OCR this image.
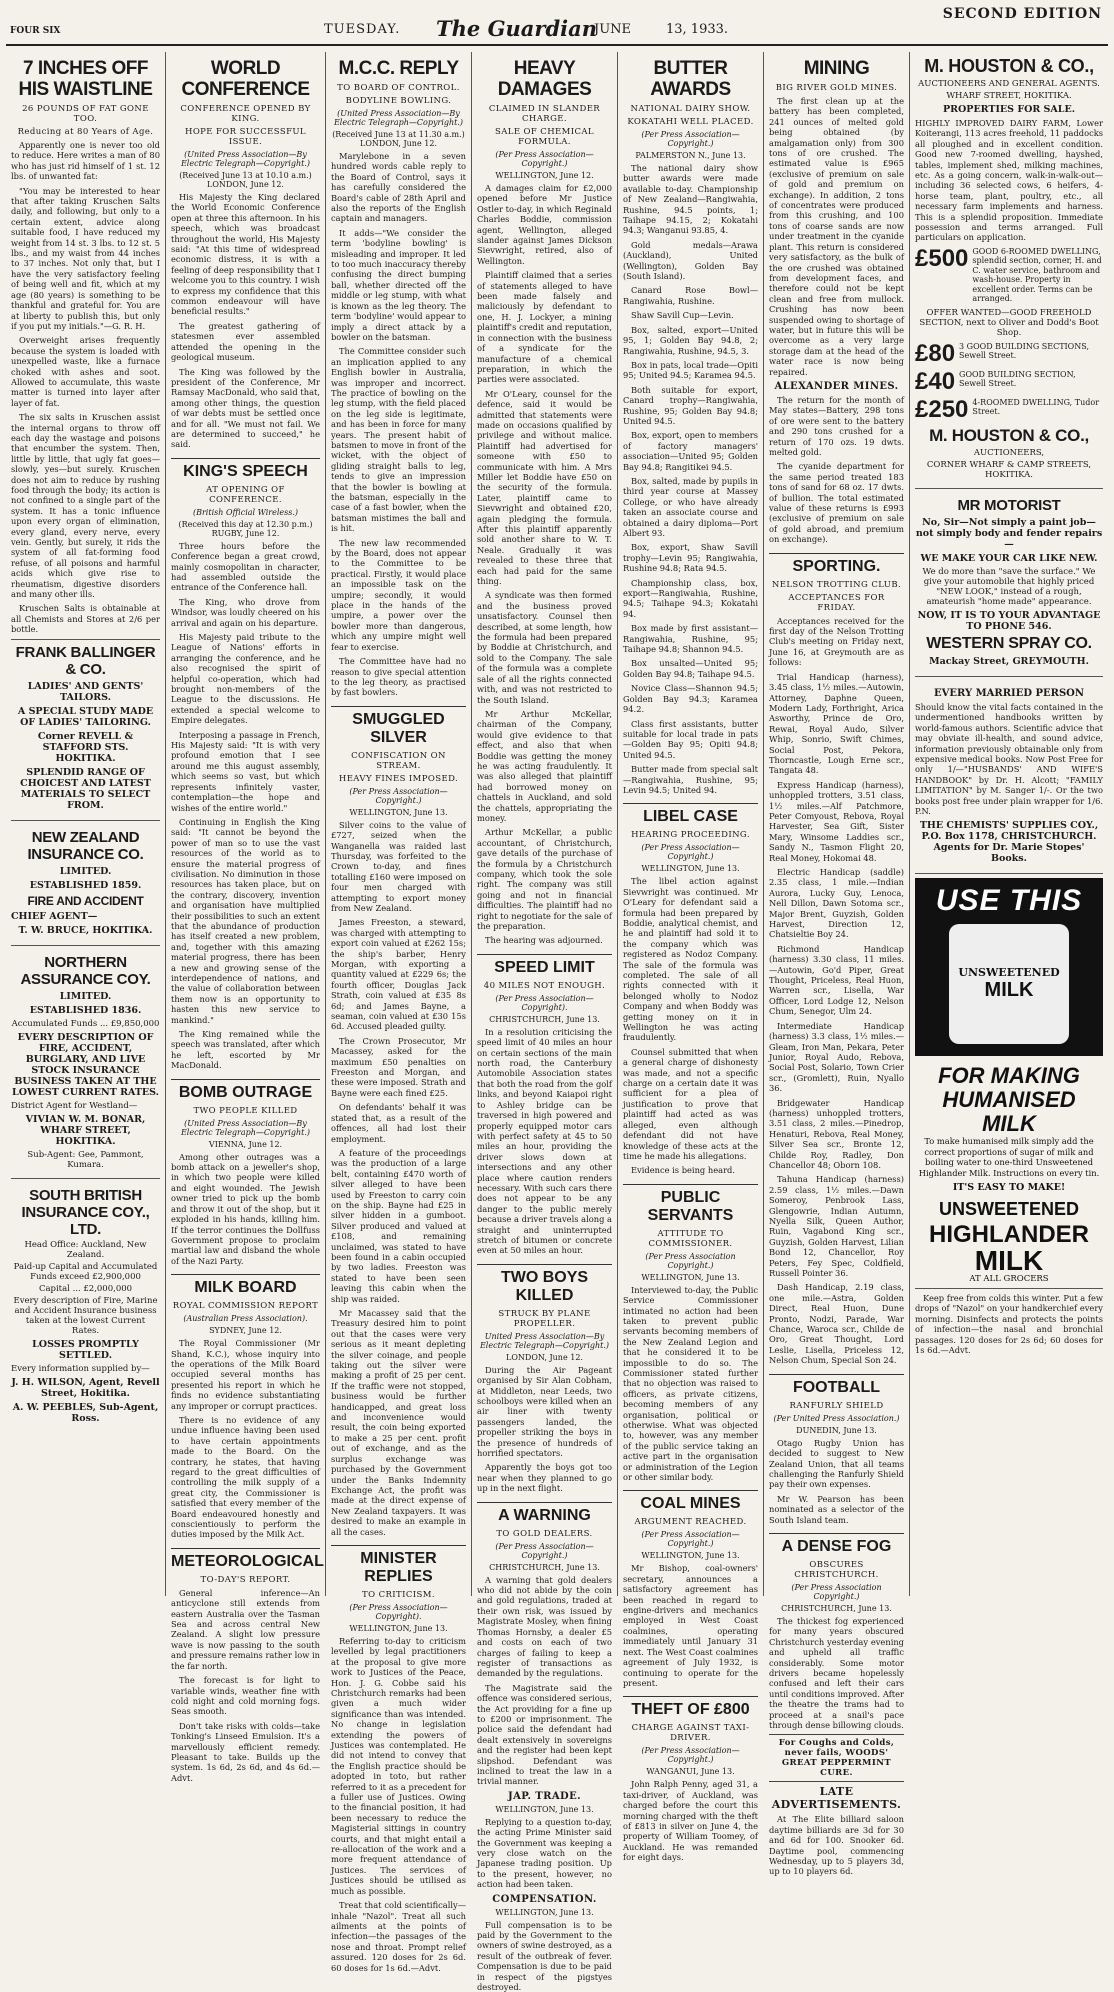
FOUR SIX	TUESDAY. The Guardian
JUNE	13, 1933.
SECOND EDITION
7 INCHES OFF HIS WAISTLINE
26 POUNDS OF FAT GONE TOO.
Reducing at 80 Years of Age.

Apparently one is never too old to reduce. Here writes a man of 80 who has just rid himself of 1 st. 12 lbs. of unwanted fat:

"You may be interested to hear that after taking Kruschen Salts daily, and following, but only to a certain extent, advice along suitable food, I have reduced my weight from 14 st. 3 lbs. to 12 st. 5 lbs., and my waist from 44 inches to 37 inches. Not only that, but I have the very satisfactory feeling of being well and fit, which at my age (80 years) is something to be thankful and grateful for. You are at liberty to publish this, but only if you put my initials."—G. R. H.

Overweight arises frequently because the system is loaded with unexpelled waste, like a furnace choked with ashes and soot. Allowed to accumulate, this waste matter is turned into layer after layer of fat.

The six salts in Kruschen assist the internal organs to throw off each day the wastage and poisons that encumber the system. Then, little by little, that ugly fat goes—slowly, yes—but surely. Kruschen does not aim to reduce by rushing food through the body; its action is not confined to a single part of the system. It has a tonic influence upon every organ of elimination, every gland, every nerve, every vein. Gently, but surely, it rids the system of all fat-forming food refuse, of all poisons and harmful acids which give rise to rheumatism, digestive disorders and many other ills.

Kruschen Salts is obtainable at all Chemists and Stores at 2/6 per bottle.

FRANK BALLINGER & CO.
LADIES' AND GENTS' TAILORS.
A SPECIAL STUDY MADE OF LADIES' TAILORING.
Corner REVELL & STAFFORD STS. HOKITIKA.
SPLENDID RANGE OF CHOICEST AND LATEST MATERIALS TO SELECT FROM.
NEW ZEALAND INSURANCE CO.
LIMITED.
ESTABLISHED 1859.
FIRE AND ACCIDENT
CHIEF AGENT—
T. W. BRUCE, HOKITIKA.
NORTHERN ASSURANCE COY.
LIMITED.
ESTABLISHED 1836.
Accumulated Funds ... £9,850,000
EVERY DESCRIPTION OF FIRE, ACCIDENT, BURGLARY, AND LIVE STOCK INSURANCE BUSINESS TAKEN AT THE LOWEST CURRENT RATES.
District Agent for Westland—
VIVIAN W. M. BONAR, WHARF STREET, HOKITIKA.
Sub-Agent: Gee, Pammont, Kumara.
SOUTH BRITISH INSURANCE COY., LTD.
Head Office: Auckland, New Zealand.
Paid-up Capital and Accumulated Funds exceed £2,900,000
Capital ... £2,000,000
Every description of Fire, Marine and Accident Insurance business taken at the lowest Current Rates.
LOSSES PROMPTLY SETTLED.
Every information supplied by—
J. H. WILSON, Agent, Revell Street, Hokitika.
A. W. PEEBLES, Sub-Agent, Ross.
WORLD CONFERENCE
CONFERENCE OPENED BY KING.
HOPE FOR SUCCESSFUL ISSUE.
(United Press Association—By Electric Telegraph—Copyright.)
(Received June 13 at 10.10 a.m.) LONDON, June 12.

His Majesty the King declared the World Economic Conference open at three this afternoon. In his speech, which was broadcast throughout the world, His Majesty said: "At this time of widespread economic distress, it is with a feeling of deep responsibility that I welcome you to this country. I wish to express my confidence that this common endeavour will have beneficial results."

The greatest gathering of statesmen ever assembled attended the opening in the geological museum.

The King was followed by the president of the Conference, Mr Ramsay MacDonald, who said that, among other things, the question of war debts must be settled once and for all. "We must not fail. We are determined to succeed," he said.

KING'S SPEECH
AT OPENING OF CONFERENCE.
(British Official Wireless.)
(Received this day at 12.30 p.m.) RUGBY, June 12.

Three hours before the Conference began a great crowd, mainly cosmopolitan in character, had assembled outside the entrance of the Conference hall.

The King, who drove from Windsor, was loudly cheered on his arrival and again on his departure.

His Majesty paid tribute to the League of Nations' efforts in arranging the conference, and he also recognised the spirit of helpful co-operation, which had brought non-members of the League to the discussions. He extended a special welcome to Empire delegates.

Interposing a passage in French, His Majesty said: "It is with very profound emotion that I see around me this august assembly, which seems so vast, but which represents infinitely vaster, contemplation—the hope and wishes of the entire world."

Continuing in English the King said: "It cannot be beyond the power of man so to use the vast resources of the world as to ensure the material progress of civilisation. No diminution in those resources has taken place, but on the contrary, discovery, invention and organisation have multiplied their possibilities to such an extent that the abundance of production has itself created a new problem, and, together with this amazing material progress, there has been a new and growing sense of the interdependence of nations, and the value of collaboration between them now is an opportunity to hasten this new service to mankind."

The King remained while the speech was translated, after which he left, escorted by Mr MacDonald.

BOMB OUTRAGE
TWO PEOPLE KILLED
(United Press Association—By Electric Telegraph—Copyright.)
VIENNA, June 12.

Among other outrages was a bomb attack on a jeweller's shop, in which two people were killed and eight wounded. The Jewish owner tried to pick up the bomb and throw it out of the shop, but it exploded in his hands, killing him. If the terror continues the Dollfuss Government propose to proclaim martial law and disband the whole of the Nazi Party.

MILK BOARD
ROYAL COMMISSION REPORT
(Australian Press Association).
SYDNEY, June 12.

The Royal Commissioner (Mr Shand, K.C.), whose inquiry into the operations of the Milk Board occupied several months has presented his report in which he finds no evidence substantiating any improper or corrupt practices.

There is no evidence of any undue influence having been used to have certain appointments made to the Board. On the contrary, he states, that having regard to the great difficulties of controlling the milk supply of a great city, the Commissioner is satisfied that every member of the Board endeavoured honestly and conscientiously to perform the duties imposed by the Milk Act.

METEOROLOGICAL
TO-DAY'S REPORT.

General inference—An anticyclone still extends from eastern Australia over the Tasman Sea and across central New Zealand. A slight low pressure wave is now passing to the south and pressure remains rather low in the far north.

The forecast is for light to variable winds, weather fine with cold night and cold morning fogs. Seas smooth.

Don't take risks with colds—take Tonking's Linseed Emulsion. It's a marvellously efficient remedy. Pleasant to take. Builds up the system. 1s 6d, 2s 6d, and 4s 6d.—Advt.

M.C.C. REPLY
TO BOARD OF CONTROL.
BODYLINE BOWLING.
(United Press Association—By Electric Telegraph—Copyright.)
(Received June 13 at 11.30 a.m.) LONDON, June 12.

Marylebone in a seven hundred words cable reply to the Board of Control, says it has carefully considered the Board's cable of 28th April and also the reports of the English captain and managers.

It adds—"We consider the term 'bodyline bowling' is misleading and improper. It led to too much inaccuracy thereby confusing the direct bumping ball, whether directed off the middle or leg stump, with what is known as the leg theory. The term 'bodyline' would appear to imply a direct attack by a bowler on the batsman.

The Committee consider such an implication applied to any English bowler in Australia, was improper and incorrect. The practice of bowling on the leg stump, with the field placed on the leg side is legitimate, and has been in force for many years. The present habit of batsmen to move in front of the wicket, with the object of gliding straight balls to leg, tends to give an impression that the bowler is bowling at the batsman, especially in the case of a fast bowler, when the batsman mistimes the ball and is hit.

The new law recommended by the Board, does not appear to the Committee to be practical. Firstly, it would place an impossible task on the umpire; secondly, it would place in the hands of the umpire, a power over the bowler more than dangerous, which any umpire might well fear to exercise.

The Committee have had no reason to give special attention to the leg theory, as practised by fast bowlers.

SMUGGLED SILVER
CONFISCATION ON STREAM.
HEAVY FINES IMPOSED.
(Per Press Association—Copyright.)
WELLINGTON, June 13.

Silver coins to the value of £727, seized when the Wanganella was raided last Thursday, was forfeited to the Crown to-day, and fines totalling £160 were imposed on four men charged with attempting to export money from New Zealand.

James Freeston, a steward, was charged with attempting to export coin valued at £262 15s; the ship's barber, Henry Morgan, with exporting a quantity valued at £229 6s; the fourth officer, Douglas Jack Strath, coin valued at £35 8s 6d; and James Bayne, a seaman, coin valued at £30 15s 6d. Accused pleaded guilty.

The Crown Prosecutor, Mr Macassey, asked for the maximum £50 penalties on Freeston and Morgan, and these were imposed. Strath and Bayne were each fined £25.

On defendants' behalf it was stated that, as a result of the offences, all had lost their employment.

A feature of the proceedings was the production of a large belt, containing £470 worth of silver alleged to have been used by Freeston to carry coin on the ship. Bayne had £25 in silver hidden in a gumboot. Silver produced and valued at £108, and remaining unclaimed, was stated to have been found in a cabin occupied by two ladies. Freeston was stated to have been seen leaving this cabin when the ship was raided.

Mr Macassey said that the Treasury desired him to point out that the cases were very serious as it meant depleting the silver coinage, and people taking out the silver were making a profit of 25 per cent. If the traffic were not stopped, business would be further handicapped, and great loss and inconvenience would result, the coin being exported to make a 25 per cent. profit out of exchange, and as the surplus exchange was purchased by the Government under the Banks Indemnity Exchange Act, the profit was made at the direct expense of New Zealand taxpayers. It was desired to make an example in all the cases.

MINISTER REPLIES
TO CRITICISM.
(Per Press Association—Copyright).
WELLINGTON, June 13.

Referring to-day to criticism levelled by legal practitioners at the proposal to give more work to Justices of the Peace, Hon. J. G. Cobbe said his Christchurch remarks had been given a much wider significance than was intended. No change in legislation extending the powers of Justices was contemplated. He did not intend to convey that the English practice should be adopted in toto, but rather referred to it as a precedent for a fuller use of Justices. Owing to the financial position, it had been necessary to reduce the Magisterial sittings in country courts, and that might entail a re-allocation of the work and a more frequent attendance of Justices. The services of Justices should be utilised as much as possible.

Treat that cold scientifically—inhale "Nazol". Treat all such ailments at the points of infection—the passages of the nose and throat. Prompt relief assured. 120 doses for 2s 6d. 60 doses for 1s 6d.—Advt.

HEAVY DAMAGES
CLAIMED IN SLANDER CHARGE.
SALE OF CHEMICAL FORMULA.
(Per Press Association—Copyright.)
WELLINGTON, June 12.

A damages claim for £2,000 opened before Mr Justice Ostler to-day, in which Reginald Charles Boddie, commission agent, Wellington, alleged slander against James Dickson Sievwright, retired, also of Wellington.

Plaintiff claimed that a series of statements alleged to have been made falsely and maliciously by defendant to one, H. J. Lockyer, a mining plaintiff's credit and reputation, in connection with the business of a syndicate for the manufacture of a chemical preparation, in which the parties were associated.

Mr O'Leary, counsel for the defence, said it would be admitted that statements were made on occasions qualified by privilege and without malice. Plaintiff had advertised for someone with £50 to communicate with him. A Mrs Miller let Boddie have £50 on the security of the formula. Later, plaintiff came to Sievwright and obtained £20, again pledging the formula. After this plaintiff apparently sold another share to W. T. Neale. Gradually it was revealed to these three that each had paid for the same thing.

A syndicate was then formed and the business proved unsatisfactory. Counsel then described, at some length, how the formula had been prepared by Boddie at Christchurch, and sold to the Company. The sale of the formula was a complete sale of all the rights connected with, and was not restricted to the South Island.

Mr Arthur McKellar, chairman of the Company, would give evidence to that effect, and also that when Boddie was getting the money he was acting fraudulently. It was also alleged that plaintiff had borrowed money on chattels in Auckland, and sold the chattels, appropriating the money.

Arthur McKellar, a public accountant, of Christchurch, gave details of the purchase of the formula by a Christchurch company, which took the sole right. The company was still going and not in financial difficulties. The plaintiff had no right to negotiate for the sale of the preparation.

The hearing was adjourned.

SPEED LIMIT
40 MILES NOT ENOUGH.
(Per Press Association—Copyright).
CHRISTCHURCH, June 13.

In a resolution criticising the speed limit of 40 miles an hour on certain sections of the main north road, the Canterbury Automobile Association states that both the road from the golf links, and beyond Kaiapoi right to Ashley bridge can be traversed in high powered and properly equipped motor cars with perfect safety at 45 to 50 miles an hour, providing the driver slows down at intersections and any other place where caution renders necessary. With such cars there does not appear to be any danger to the public merely because a driver travels along a straight and uninterrupted stretch of bitumen or concrete even at 50 miles an hour.

TWO BOYS KILLED
STRUCK BY PLANE PROPELLER.
United Press Association—By Electric Telegraph—Copyright.)
LONDON, June 12.

During the Air Pageant organised by Sir Alan Cobham, at Middleton, near Leeds, two schoolboys were killed when an air liner with twenty passengers landed, the propeller striking the boys in the presence of hundreds of horrified spectators.

Apparently the boys got too near when they planned to go up in the next flight.

A WARNING
TO GOLD DEALERS.
(Per Press Association—Copyright.)
CHRISTCHURCH, June 13.

A warning that gold dealers who did not abide by the coin and gold regulations, traded at their own risk, was issued by Magistrate Mosley, when fining Thomas Hornsby, a dealer £5 and costs on each of two charges of failing to keep a register of transactions as demanded by the regulations.

The Magistrate said the offence was considered serious, the Act providing for a fine up to £200 or imprisonment. The police said the defendant had dealt extensively in sovereigns and the register had been kept slipshod. Defendant was inclined to treat the law in a trivial manner.

JAP. TRADE.
WELLINGTON, June 13.

Replying to a question to-day, the acting Prime Minister said the Government was keeping a very close watch on the Japanese trading position. Up to the present, however, no action had been taken.

COMPENSATION.
WELLINGTON, June 13.

Full compensation is to be paid by the Government to the owners of swine destroyed, as a result of the outbreak of fever. Compensation is due to be paid in respect of the pigstyes destroyed.

BUTTER AWARDS
NATIONAL DAIRY SHOW.
KOKATAHI WELL PLACED.
(Per Press Association—Copyright.)
PALMERSTON N., June 13.

The national dairy show butter awards were made available to-day. Championship of New Zealand—Rangiwahia, Rushine, 94.5 points, 1; Taihape 94.15, 2; Kokatahi 94.3; Wanganui 93.85, 4.

Gold medals—Arawa (Auckland), United (Wellington), Golden Bay (South Island).

Canard Rose Bowl—Rangiwahia, Rushine.

Shaw Savill Cup—Levin.

Box, salted, export—United 95, 1; Golden Bay 94.8, 2; Rangiwahia, Rushine, 94.5, 3.

Box in pats, local trade—Opiti 95; United 94.5; Karamea 94.5.

Both suitable for export, Canard trophy—Rangiwahia, Rushine, 95; Golden Bay 94.8; United 94.5.

Box, export, open to members of factory managers' association—United 95; Golden Bay 94.8; Rangitikei 94.5.

Box, salted, made by pupils in third year course at Massey College, or who have already taken an associate course and obtained a dairy diploma—Port Albert 93.

Box, export, Shaw Savill trophy—Levin 95; Rangiwahia, Rushine 94.8; Rata 94.5.

Championship class, box, export—Rangiwahia, Rushine, 94.5; Taihape 94.3; Kokatahi 94.

Box made by first assistant—Rangiwahia, Rushine, 95; Taihape 94.8; Shannon 94.5.

Box unsalted—United 95; Golden Bay 94.8; Taihape 94.5.

Novice Class—Shannon 94.5; Golden Bay 94.3; Karamea 94.2.

Class first assistants, butter suitable for local trade in pats—Golden Bay 95; Opiti 94.8; United 94.5.

Butter made from special salt—Rangiwahia, Rushine, 95; Levin 94.5; United 94.

LIBEL CASE
HEARING PROCEEDING.
(Per Press Association—Copyright.)
WELLINGTON, June 13.

The libel action against Sievwright was continued. Mr O'Leary for defendant said a formula had been prepared by Boddie, analytical chemist, and he and plaintiff had sold it to the company which was registered as Nodoz Company. The sale of the formula was completed. The sale of all rights connected with it belonged wholly to Nodoz Company and when Boddy was getting money on it in Wellington he was acting fraudulently.

Counsel submitted that when a general charge of dishonesty was made, and not a specific charge on a certain date it was sufficient for a plea of justification to prove that plaintiff had acted as was alleged, even although defendant did not have knowledge of these acts at the time he made his allegations.

Evidence is being heard.

PUBLIC SERVANTS
ATTITUDE TO COMMISSIONER.
(Per Press Association Copyright.)
WELLINGTON, June 13.

Interviewed to-day, the Public Service Commissioner intimated no action had been taken to prevent public servants becoming members of the New Zealand Legion and that he considered it to be impossible to do so. The Commissioner stated further that no objection was raised to officers, as private citizens, becoming members of any organisation, political or otherwise. What was objected to, however, was any member of the public service taking an active part in the organisation or administration of the Legion or other similar body.

COAL MINES
ARGUMENT REACHED.
(Per Press Association—Copyright.)
WELLINGTON, June 13.

Mr Bishop, coal-owners' secretary, announces a satisfactory agreement has been reached in regard to engine-drivers and mechanics employed in West Coast coalmines, operating immediately until January 31 next. The West Coast coalmines agreement of July 1932, is continuing to operate for the present.

THEFT OF £800
CHARGE AGAINST TAXI-DRIVER.
(Per Press Association—Copyright.)
WANGANUI, June 13.

John Ralph Penny, aged 31, a taxi-driver, of Auckland, was charged before the court this morning charged with the theft of £813 in silver on June 4, the property of William Toomey, of Auckland. He was remanded for eight days.

MINING
BIG RIVER GOLD MINES.

The first clean up at the battery has been completed, 241 ounces of melted gold being obtained (by amalgamation only) from 300 tons of ore crushed. The estimated value is £965 (exclusive of premium on sale of gold and premium on exchange). In addition, 2 tons of concentrates were produced from this crushing, and 100 tons of coarse sands are now under treatment in the cyanide plant. This return is considered very satisfactory, as the bulk of the ore crushed was obtained from development faces, and therefore could not be kept clean and free from mullock. Crushing has now been suspended owing to shortage of water, but in future this will be overcome as a very large storage dam at the head of the water race is now being repaired.

ALEXANDER MINES.

The return for the month of May states—Battery, 298 tons of ore were sent to the battery and 290 tons crushed for a return of 170 ozs. 19 dwts. melted gold.

The cyanide department for the same period treated 183 tons of sand for 68 oz. 17 dwts. of bullion. The total estimated value of these returns is £993 (exclusive of premium on sale of gold abroad, and premium on exchange).

SPORTING.
NELSON TROTTING CLUB.
ACCEPTANCES FOR FRIDAY.

Acceptances received for the first day of the Nelson Trotting Club's meeting on Friday next, June 16, at Greymouth are as follows:

Trial Handicap (harness), 3.45 class, 1½ miles.—Autowin, Attorney, Daphne Queen, Modern Lady, Forthright, Arica Asworthy, Prince de Oro, Rewai, Royal Audo, Silver Whip, Sonrio, Swift Chimes, Social Post, Pekora, Thorncastle, Lough Erne scr., Tangata 48.

Express Handicap (harness), unhoppled trotters, 3.51 class, 1½ miles.—Alf Patchmore, Peter Comyoust, Rebova, Royal Harvester, Sea Gift, Sister Mary, Winsome Laddies scr., Sandy N., Tasmon Flight 20, Real Money, Hokomai 48.

Electric Handicap (saddle) 2.35 class, 1 mile.—Indian Aurora, Lucky Guy, Lenoca, Nell Dillon, Dawn Sotoma scr., Major Brent, Guyzish, Golden Harvest, Direction 12, Chatsieltie Boy 24.

Richmond Handicap (harness) 3.30 class, 11 miles.—Autowin, Go'd Piper, Great Thought, Priceless, Real Huon, Warren scr., Lisella, War Officer, Lord Lodge 12, Nelson Chum, Senegor, Ulm 24.

Intermediate Handicap (harness) 3.3 class, 1½ miles.—Gleam, Iron Man, Pekara, Peter Junior, Royal Audo, Rebova, Social Post, Solario, Town Crier scr., (Gromlett), Ruin, Nyallo 36.

Bridgewater Handicap (harness) unhoppled trotters, 3.51 class, 2 miles.—Pinedrop, Henaturi, Rebova, Real Money, Silver Sea scr., Bronte 12, Childe Roy, Radley, Don Chancellor 48; Oborn 108.

Tahuna Handicap (harness) 2.59 class, 1½ miles.—Dawn Someroy, Penbrook Lass, Glengowrie, Indian Autumn, Nyella Silk, Queen Author, Ruin, Vagabond King scr., Guyzish, Golden Harvest, Lilian Bond 12, Chancellor, Roy Peters, Fey Spec, Coldfield, Russell Pointer 36.

Dash Handicap, 2.19 class, one mile.—Astra, Golden Direct, Real Huon, Dune Pronto, Nodzi, Parade, War Chance, Waroca scr., Childe de Oro, Great Thought, Lord Leslie, Lisella, Priceless 12, Nelson Chum, Special Son 24.

FOOTBALL
RANFURLY SHIELD
(Per United Press Association.)
DUNEDIN, June 13.

Otago Rugby Union has decided to suggest to New Zealand Union, that all teams challenging the Ranfurly Shield pay their own expenses.

Mr W. Pearson has been nominated as a selector of the South Island team.

A DENSE FOG
OBSCURES CHRISTCHURCH.
(Per Press Association Copyright.)
CHRISTCHURCH, June 13.

The thickest fog experienced for many years obscured Christchurch yesterday evening and upheld all traffic considerably. Some motor drivers became hopelessly confused and left their cars until conditions improved. After the theatre the trams had to proceed at a snail's pace through dense billowing clouds.

For Coughs and Colds, never fails, WOODS' GREAT PEPPERMINT CURE.
LATE ADVERTISEMENTS.

At The Elite billiard saloon daytime billiards are 3d for 30 and 6d for 100. Snooker 6d. Daytime pool, commencing Wednesday, up to 5 players 3d, up to 10 players 6d.

M. HOUSTON & CO.,
AUCTIONEERS AND GENERAL AGENTS.
WHARF STREET, HOKITIKA.
PROPERTIES FOR SALE.

HIGHLY IMPROVED DAIRY FARM, Lower Koiterangi, 113 acres freehold, 11 paddocks all ploughed and in excellent condition. Good new 7-roomed dwelling, hayshed, tables, implement shed, milking machines, etc. As a going concern, walk-in-walk-out—including 36 selected cows, 6 heifers, 4-horse team, plant, poultry, etc., all necessary farm implements and harness. This is a splendid proposition. Immediate possession and terms arranged. Full particulars on application.

£500 GOOD 6-ROOMED DWELLING, splendid section, corner, H. and C. water service, bathroom and wash-house. Property in excellent order. Terms can be arranged.
OFFER WANTED—GOOD FREEHOLD SECTION, next to Oliver and Dodd's Boot Shop.
£80 3 GOOD BUILDING SECTIONS, Sewell Street.
£40 GOOD BUILDING SECTION, Sewell Street.
£250 4-ROOMED DWELLING, Tudor Street.
M. HOUSTON & CO.,
AUCTIONEERS,
CORNER WHARF & CAMP STREETS, HOKITIKA.
MR MOTORIST
No, Sir—Not simply a paint job—not simply body and fender repairs—
WE MAKE YOUR CAR LIKE NEW.
We do more than "save the surface." We give your automobile that highly priced "NEW LOOK," instead of a rough, amateurish "home made" appearance.
NOW, IT IS TO YOUR ADVANTAGE TO PHONE 546.
WESTERN SPRAY CO.
Mackay Street, GREYMOUTH.
EVERY MARRIED PERSON

Should know the vital facts contained in the undermentioned handbooks written by world-famous authors. Scientific advice that may obviate ill-health, and sound advice, information previously obtainable only from expensive medical books. Now Post Free for only 1/—"HUSBANDS' AND WIFE'S HANDBOOK" by Dr. H. Alcott; "FAMILY LIMITATION" by M. Sanger 1/-. Or the two books post free under plain wrapper for 1/6. P.N.

THE CHEMISTS' SUPPLIES COY., P.O. Box 1178, CHRISTCHURCH. Agents for Dr. Marie Stopes' Books.
USE THIS
UNSWEETENED
MILK
FOR MAKING HUMANISED MILK

To make humanised milk simply add the correct proportions of sugar of milk and boiling water to one-third Unsweetened Highlander Milk. Instructions on every tin.

IT'S EASY TO MAKE!
UNSWEETENED
HIGHLANDER
MILK
AT ALL GROCERS

Keep free from colds this winter. Put a few drops of "Nazol" on your handkerchief every morning. Disinfects and protects the points of infection—the nasal and bronchial passages. 120 doses for 2s 6d; 60 doses for 1s 6d.—Advt.
